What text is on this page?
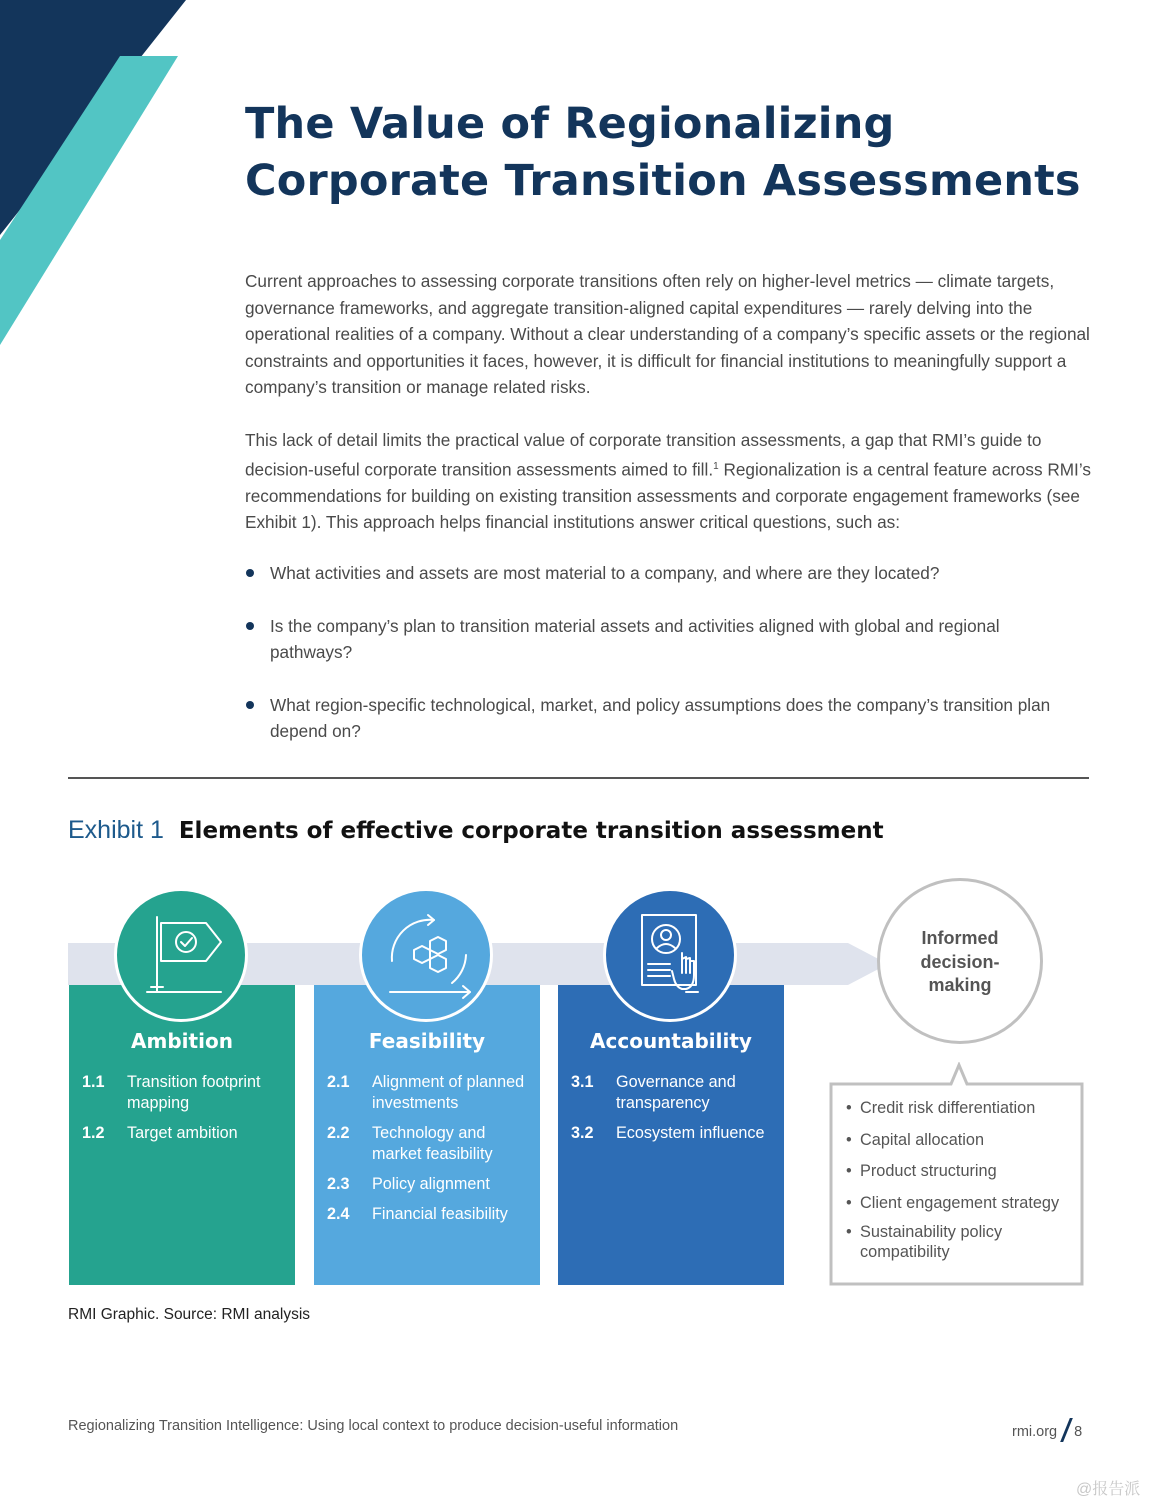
The Value of Regionalizing
Corporate Transition Assessments

Current approaches to assessing corporate transitions often rely on higher-level metrics — climate targets, governance frameworks, and aggregate transition-aligned capital expenditures — rarely delving into the operational realities of a company. Without a clear understanding of a company’s specific assets or the regional constraints and opportunities it faces, however, it is difficult for financial institutions to meaningfully support a company’s transition or manage related risks.

This lack of detail limits the practical value of corporate transition assessments, a gap that RMI’s guide to decision-useful corporate transition assessments aimed to fill.$^1$ Regionalization is a central feature across RMI’s recommendations for building on existing transition assessments and corporate engagement frameworks (see Exhibit 1). This approach helps financial institutions answer critical questions, such as:

What activities and assets are most material to a company, and where are they located?
Is the company’s plan to transition material assets and activities aligned with global and regional pathways?
What region-specific technological, market, and policy assumptions does the company’s transition plan depend on?
Exhibit 1 Elements of effective corporate transition assessment
Ambition
1.1	Transition footprint mapping
1.2	Target ambition
Feasibility
2.1	Alignment of planned investments
2.2	Technology and market feasibility
2.3	Policy alignment
2.4	Financial feasibility
Accountability
3.1	Governance and transparency
3.2	Ecosystem influence
Informed decision-making
• Credit risk differentiation
• Capital allocation
• Product structuring
• Client engagement strategy
• Sustainability policy compatibility
RMI Graphic. Source: RMI analysis
Regionalizing Transition Intelligence: Using local context to produce decision-useful information	rmi.org 8
@报告派
